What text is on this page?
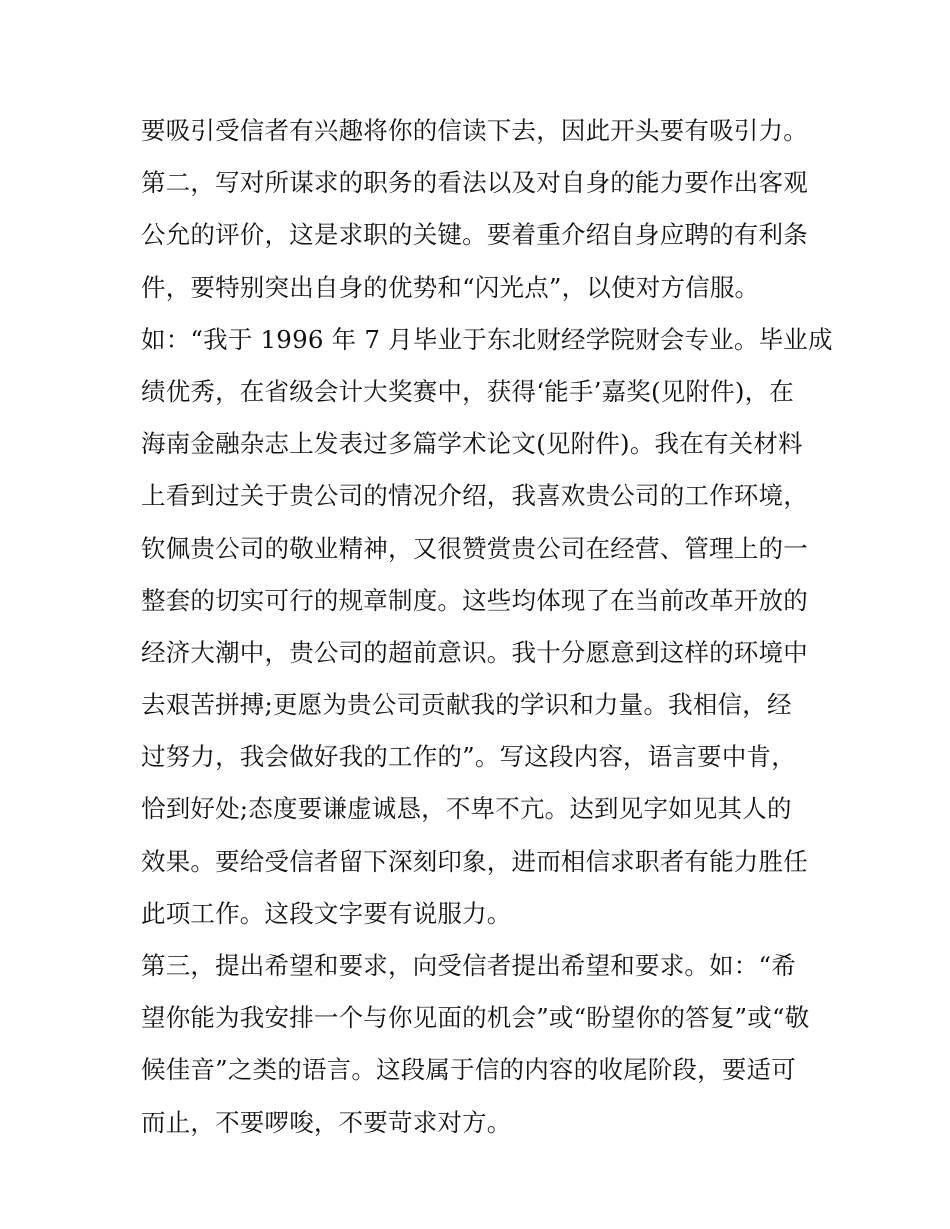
要吸引受信者有兴趣将你的信读下去，因此开头要有吸引力。
第二，写对所谋求的职务的看法以及对自身的能力要作出客观
公允的评价，这是求职的关键。要着重介绍自身应聘的有利条
件，要特别突出自身的优势和“闪光点”，以使对方信服。
如：“我于 1996 年 7 月毕业于东北财经学院财会专业。毕业成
绩优秀，在省级会计大奖赛中，获得‘能手’嘉奖(见附件)，在
海南金融杂志上发表过多篇学术论文(见附件)。我在有关材料
上看到过关于贵公司的情况介绍，我喜欢贵公司的工作环境，
钦佩贵公司的敬业精神，又很赞赏贵公司在经营、管理上的一
整套的切实可行的规章制度。这些均体现了在当前改革开放的
经济大潮中，贵公司的超前意识。我十分愿意到这样的环境中
去艰苦拼搏;更愿为贵公司贡献我的学识和力量。我相信，经
过努力，我会做好我的工作的”。写这段内容，语言要中肯，
恰到好处;态度要谦虚诚恳，不卑不亢。达到见字如见其人的
效果。要给受信者留下深刻印象，进而相信求职者有能力胜任
此项工作。这段文字要有说服力。
第三，提出希望和要求，向受信者提出希望和要求。如：“希
望你能为我安排一个与你见面的机会”或“盼望你的答复”或“敬
候佳音”之类的语言。这段属于信的内容的收尾阶段，要适可
而止，不要啰唆，不要苛求对方。
